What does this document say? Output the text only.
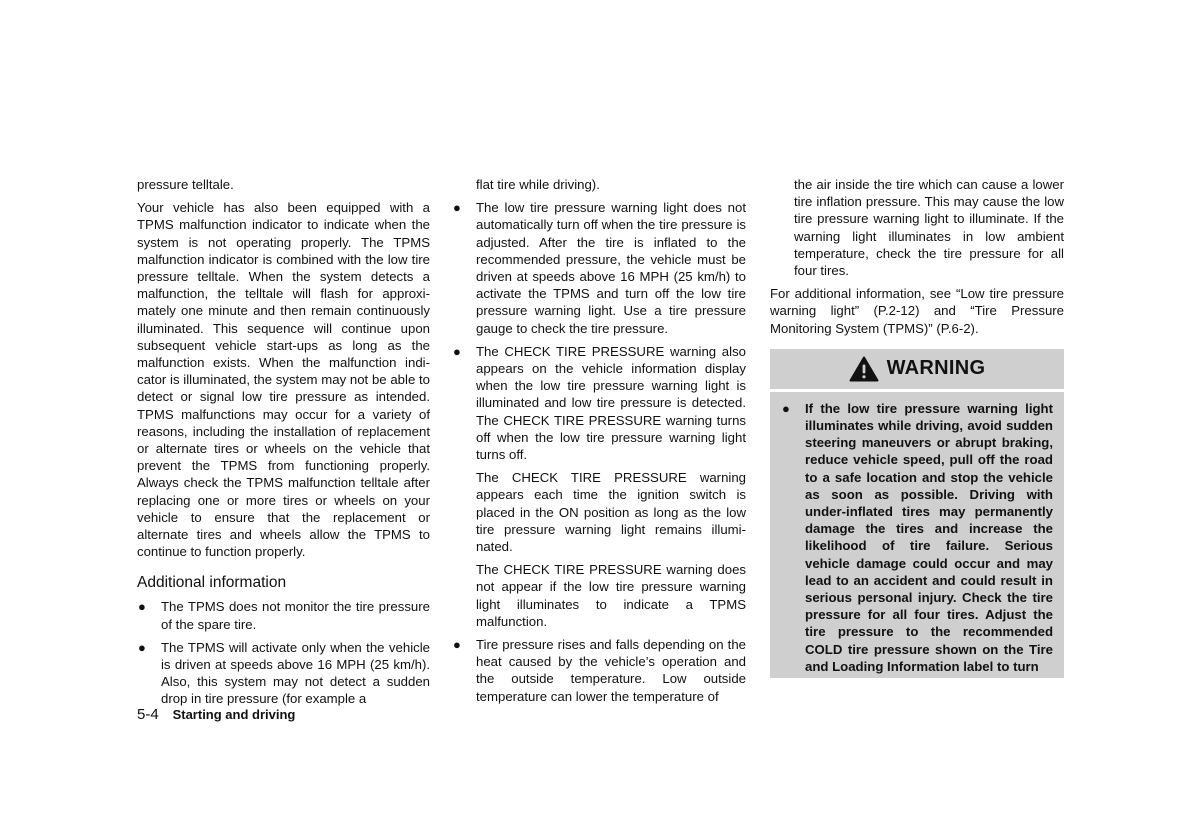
pressure telltale.

Your vehicle has also been equipped with a TPMS malfunction indicator to indicate when the system is not operating properly. The TPMS malfunction indicator is combined with the low tire pressure telltale. When the system detects a malfunction, the telltale will flash for approximately one minute and then remain continuously illuminated. This sequence will continue upon subsequent vehicle start-ups as long as the malfunction exists. When the malfunction indicator is illuminated, the system may not be able to detect or signal low tire pressure as intended. TPMS malfunctions may occur for a variety of reasons, including the installation of replacement or alternate tires or wheels on the vehicle that prevent the TPMS from functioning properly. Always check the TPMS malfunction telltale after replacing one or more tires or wheels on your vehicle to ensure that the replacement or alternate tires and wheels allow the TPMS to continue to function properly.

Additional information
● The TPMS does not monitor the tire pressure of the spare tire.
● The TPMS will activate only when the vehicle is driven at speeds above 16 MPH (25 km/h). Also, this system may not detect a sudden drop in tire pressure (for example a

flat tire while driving).

● The low tire pressure warning light does not automatically turn off when the tire pressure is adjusted. After the tire is inflated to the recommended pressure, the vehicle must be driven at speeds above 16 MPH (25 km/h) to activate the TPMS and turn off the low tire pressure warning light. Use a tire pressure gauge to check the tire pressure.
● The CHECK TIRE PRESSURE warning also appears on the vehicle information display when the low tire pressure warning light is illuminated and low tire pressure is detected. The CHECK TIRE PRESSURE warning turns off when the low tire pressure warning light turns off.
The CHECK TIRE PRESSURE warning appears each time the ignition switch is placed in the ON position as long as the low tire pressure warning light remains illuminated.
The CHECK TIRE PRESSURE warning does not appear if the low tire pressure warning light illuminates to indicate a TPMS malfunction.
● Tire pressure rises and falls depending on the heat caused by the vehicle’s operation and the outside temperature. Low outside temperature can lower the temperature of

the air inside the tire which can cause a lower tire inflation pressure. This may cause the low tire pressure warning light to illuminate. If the warning light illuminates in low ambient temperature, check the tire pressure for all four tires.

For additional information, see “Low tire pressure warning light” (P.2-12) and “Tire Pressure Monitoring System (TPMS)” (P.6-2).

WARNING
● If the low tire pressure warning light illuminates while driving, avoid sudden steering maneuvers or abrupt braking, reduce vehicle speed, pull off the road to a safe location and stop the vehicle as soon as possible. Driving with under-inflated tires may permanently damage the tires and increase the likelihood of tire failure. Serious vehicle damage could occur and may lead to an accident and could result in serious personal injury. Check the tire pressure for all four tires. Adjust the tire pressure to the recommended COLD tire pressure shown on the Tire and Loading Information label to turn
5-4 Starting and driving
